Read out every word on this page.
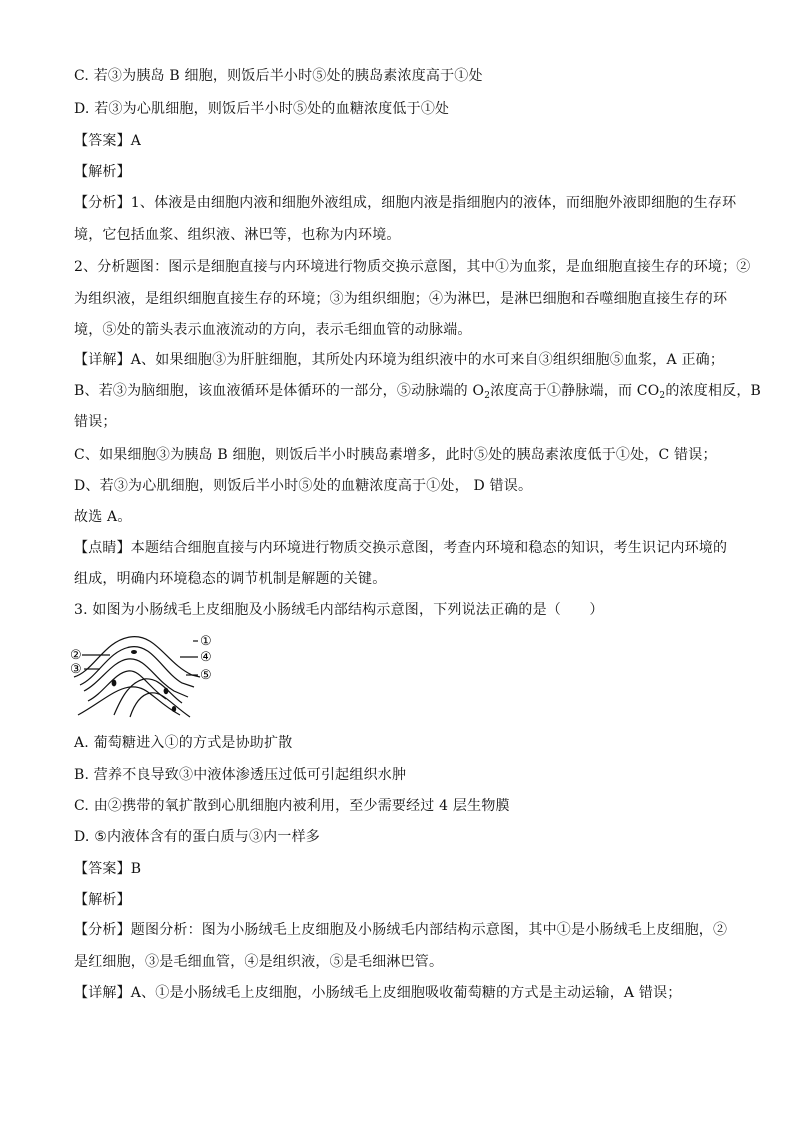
C. 若③为胰岛 B 细胞，则饭后半小时⑤处的胰岛素浓度高于①处
D. 若③为心肌细胞，则饭后半小时⑤处的血糖浓度低于①处
【答案】A
【解析】
【分析】1、体液是由细胞内液和细胞外液组成，细胞内液是指细胞内的液体，而细胞外液即细胞的生存环
境，它包括血浆、组织液、淋巴等，也称为内环境。
2、分析题图：图示是细胞直接与内环境进行物质交换示意图，其中①为血浆，是血细胞直接生存的环境；②
为组织液，是组织细胞直接生存的环境；③为组织细胞；④为淋巴，是淋巴细胞和吞噬细胞直接生存的环
境，⑤处的箭头表示血液流动的方向，表示毛细血管的动脉端。
【详解】A、如果细胞③为肝脏细胞，其所处内环境为组织液中的水可来自③组织细胞⑤血浆，A 正确；
B、若③为脑细胞，该血液循环是体循环的一部分，⑤动脉端的 $O_2$浓度高于①静脉端，而 $CO_2$的浓度相反，B
错误；
C、如果细胞③为胰岛 B 细胞，则饭后半小时胰岛素增多，此时⑤处的胰岛素浓度低于①处，C 错误；
D、若③为心肌细胞，则饭后半小时⑤处的血糖浓度高于①处， D 错误。
故选 A。
【点睛】本题结合细胞直接与内环境进行物质交换示意图，考查内环境和稳态的知识，考生识记内环境的
组成，明确内环境稳态的调节机制是解题的关键。
3. 如图为小肠绒毛上皮细胞及小肠绒毛内部结构示意图，下列说法正确的是（　　）
①
②
③
④
⑤
A. 葡萄糖进入①的方式是协助扩散
B. 营养不良导致③中液体渗透压过低可引起组织水肿
C. 由②携带的氧扩散到心肌细胞内被利用，至少需要经过 4 层生物膜
D. ⑤内液体含有的蛋白质与③内一样多
【答案】B
【解析】
【分析】题图分析：图为小肠绒毛上皮细胞及小肠绒毛内部结构示意图，其中①是小肠绒毛上皮细胞，②
是红细胞，③是毛细血管，④是组织液，⑤是毛细淋巴管。
【详解】A、①是小肠绒毛上皮细胞，小肠绒毛上皮细胞吸收葡萄糖的方式是主动运输，A 错误；
